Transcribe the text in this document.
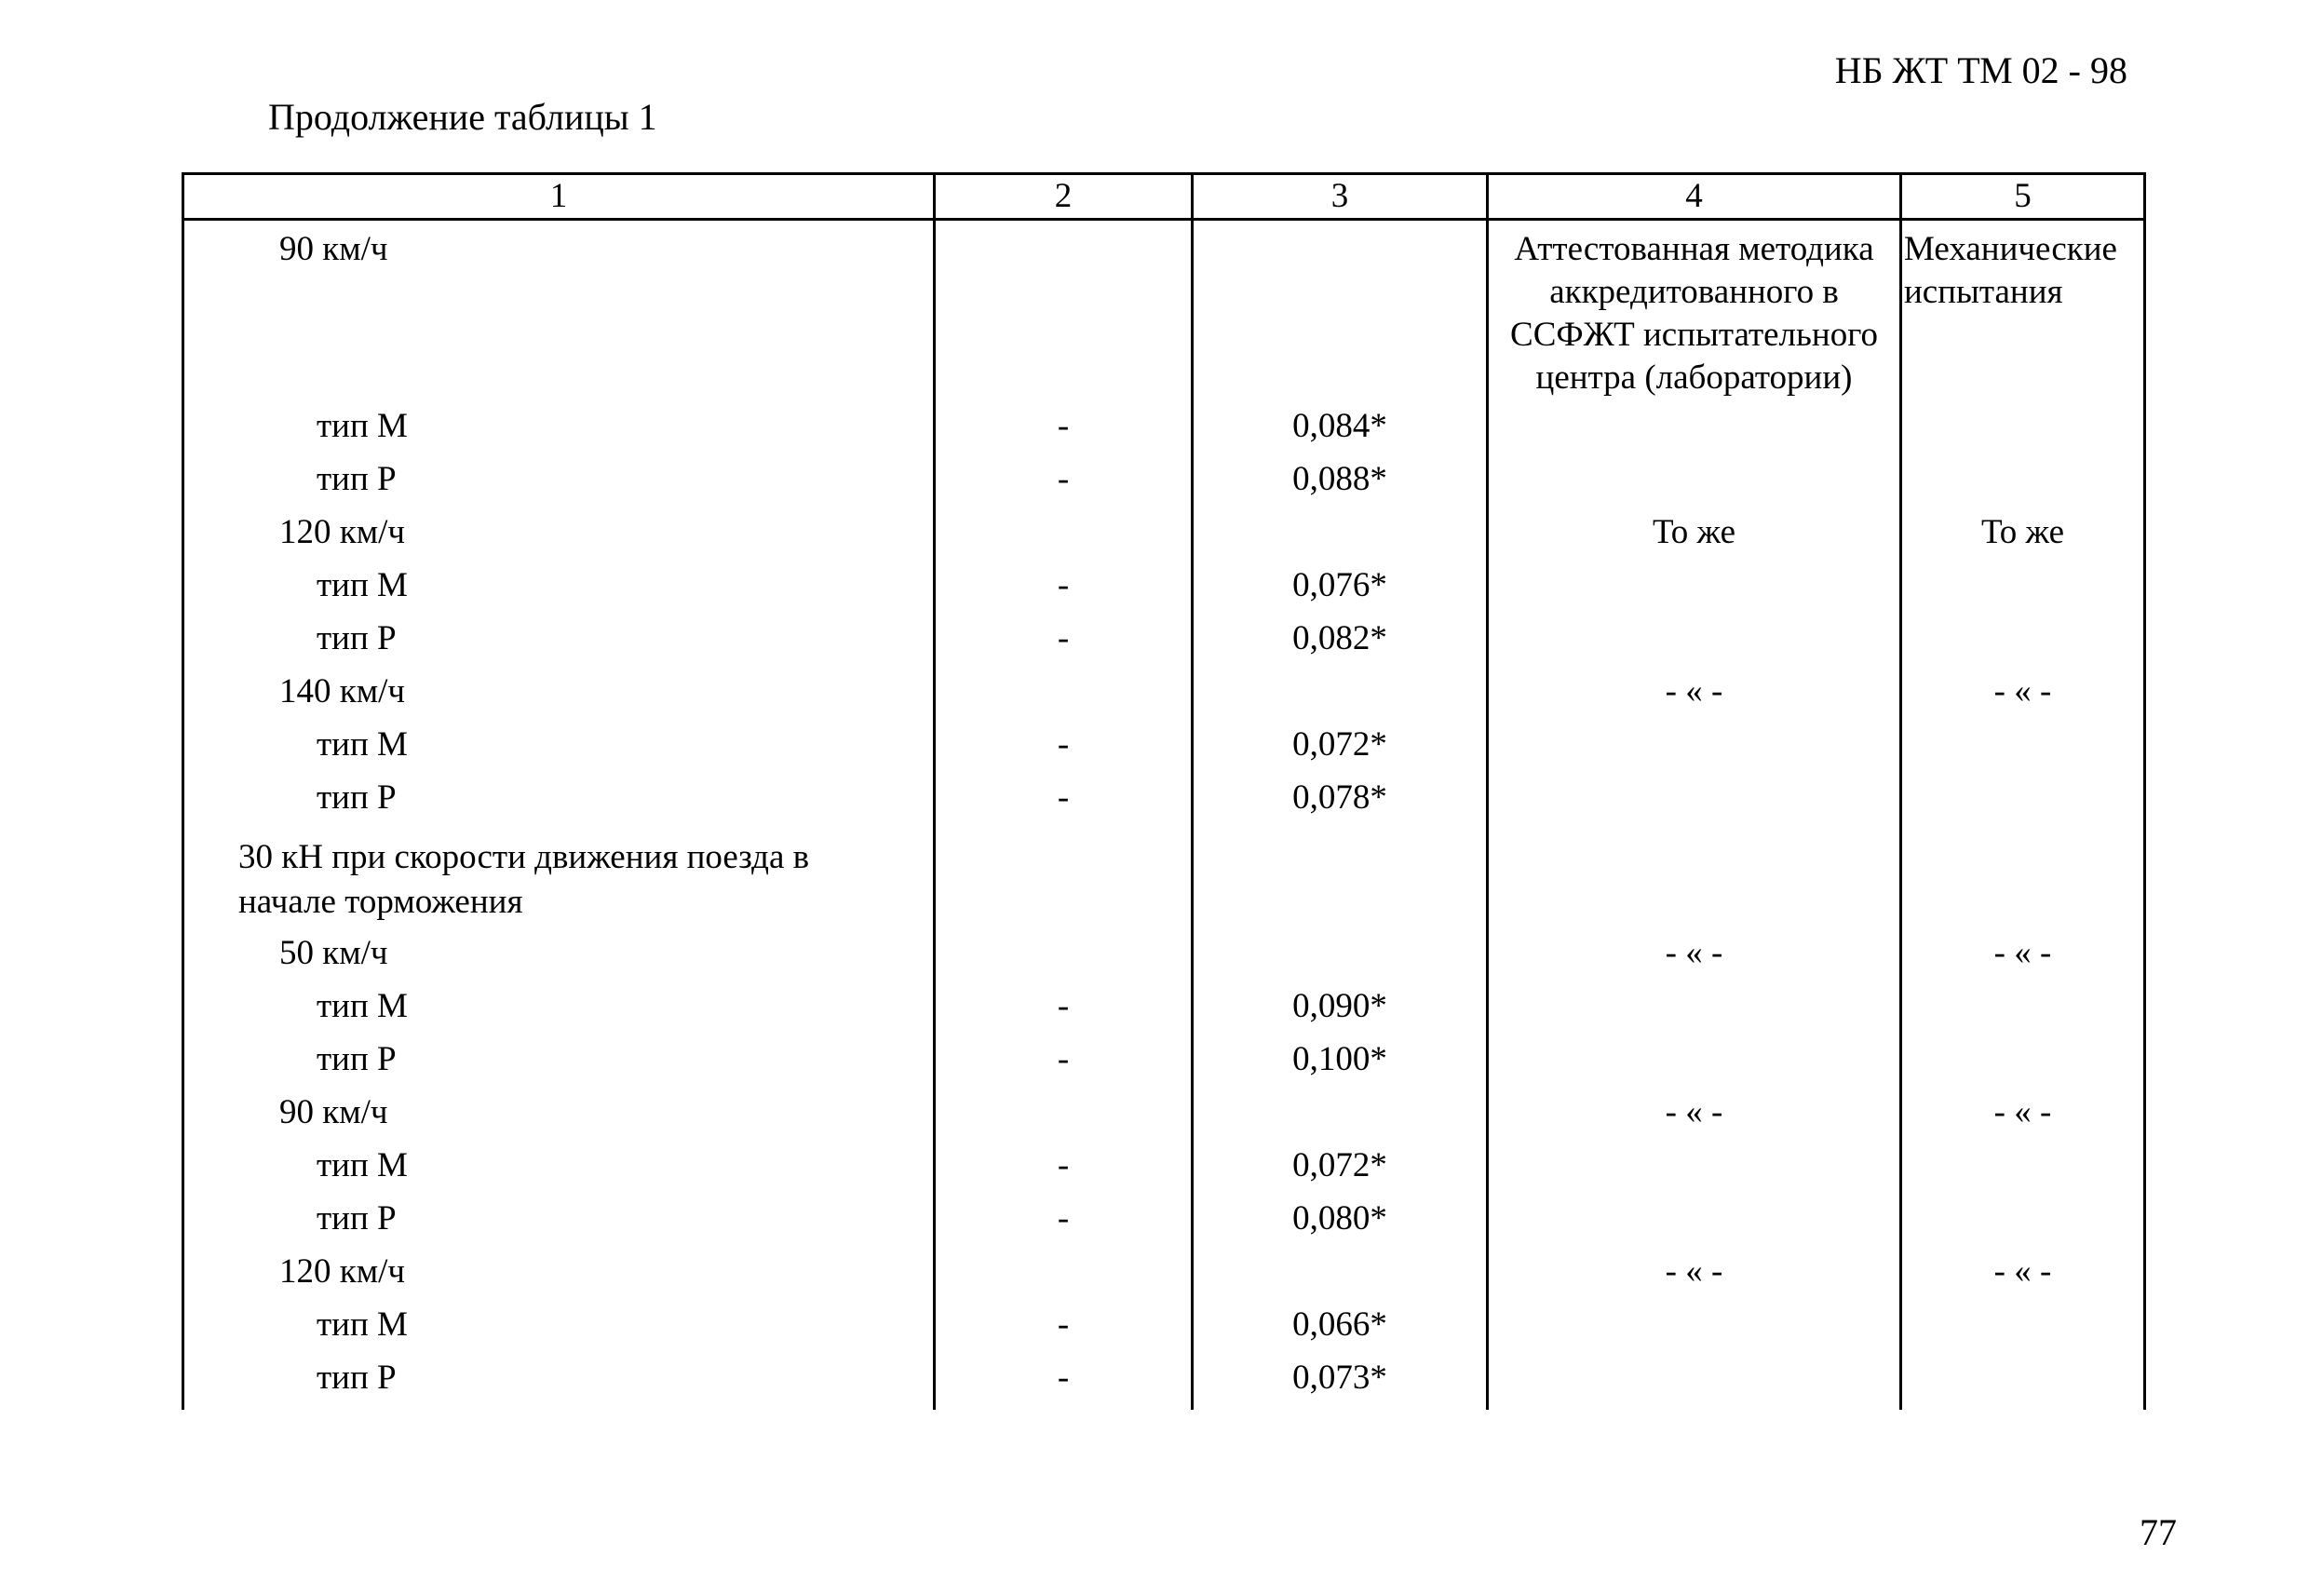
НБ ЖТ ТМ 02 - 98
Продолжение таблицы 1
1	2	3	4	5
90 км/ч			Аттестованная методика аккредитованного в ССФЖТ испытательного центра (лаборатории)	Механические испытания
тип М	-	0,084*		
тип Р	-	0,088*		
120 км/ч			То же	То же
тип М	-	0,076*		
тип Р	-	0,082*		
140 км/ч			- « -	- « -
тип М	-	0,072*		
тип Р	-	0,078*		
30 кН при скорости движения поезда в начале торможения				
50 км/ч			- « -	- « -
тип М	-	0,090*		
тип Р	-	0,100*		
90 км/ч			- « -	- « -
тип М	-	0,072*		
тип Р	-	0,080*		
120 км/ч			- « -	- « -
тип М	-	0,066*		
тип Р	-	0,073*		
77
